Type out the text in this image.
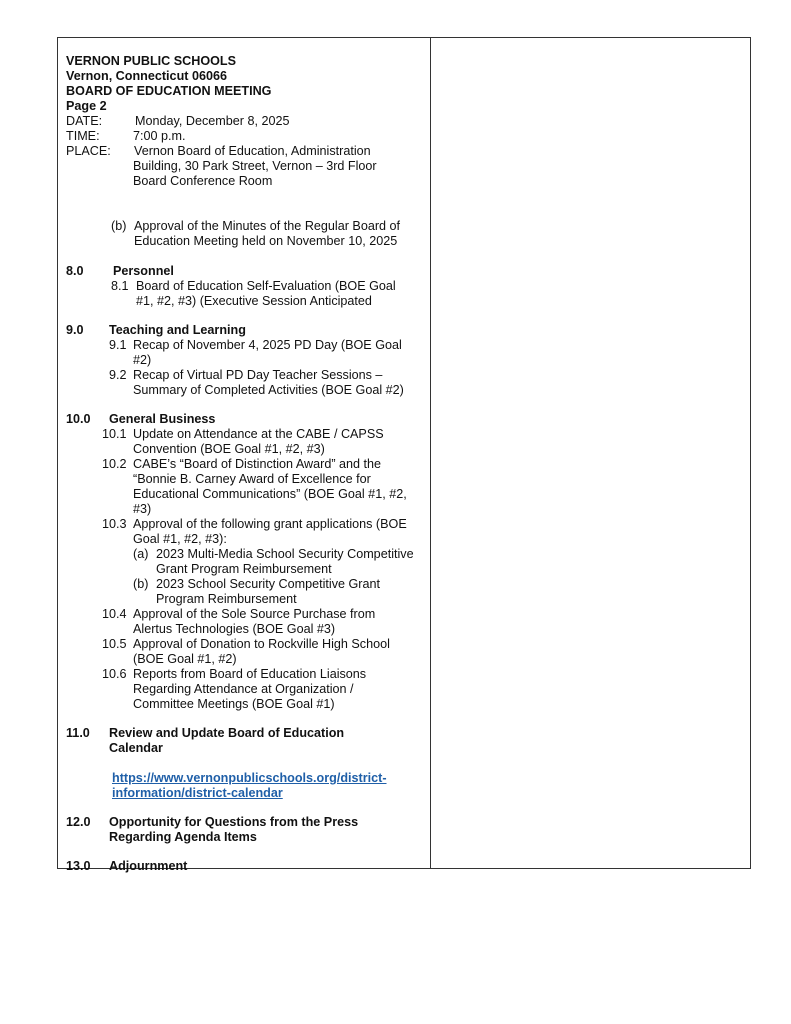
VERNON PUBLIC SCHOOLS
Vernon, Connecticut 06066
BOARD OF EDUCATION MEETING
Page 2
DATE:	Monday, December 8, 2025
TIME:	7:00 p.m.
PLACE: Vernon Board of Education, Administration
Building, 30 Park Street, Vernon – 3rd Floor
Board Conference Room
(b) Approval of the Minutes of the Regular Board of
Education Meeting held on November 10, 2025
8.0 Personnel
8.1 Board of Education Self-Evaluation (BOE Goal
#1, #2, #3) (Executive Session Anticipated
9.0 Teaching and Learning
9.1 Recap of November 4, 2025 PD Day (BOE Goal
#2)
9.2 Recap of Virtual PD Day Teacher Sessions –
Summary of Completed Activities (BOE Goal #2)
10.0 General Business
10.1 Update on Attendance at the CABE / CAPSS
Convention (BOE Goal #1, #2, #3)
10.2 CABE’s “Board of Distinction Award” and the
“Bonnie B. Carney Award of Excellence for
Educational Communications” (BOE Goal #1, #2,
#3)
10.3 Approval of the following grant applications (BOE
Goal #1, #2, #3):
(a) 2023 Multi-Media School Security Competitive
Grant Program Reimbursement
(b) 2023 School Security Competitive Grant
Program Reimbursement
10.4 Approval of the Sole Source Purchase from
Alertus Technologies (BOE Goal #3)
10.5 Approval of Donation to Rockville High School
(BOE Goal #1, #2)
10.6 Reports from Board of Education Liaisons
Regarding Attendance at Organization /
Committee Meetings (BOE Goal #1)
11.0 Review and Update Board of Education
Calendar
https://www.vernonpublicschools.org/district-
information/district-calendar
12.0 Opportunity for Questions from the Press
Regarding Agenda Items
13.0 Adjournment
